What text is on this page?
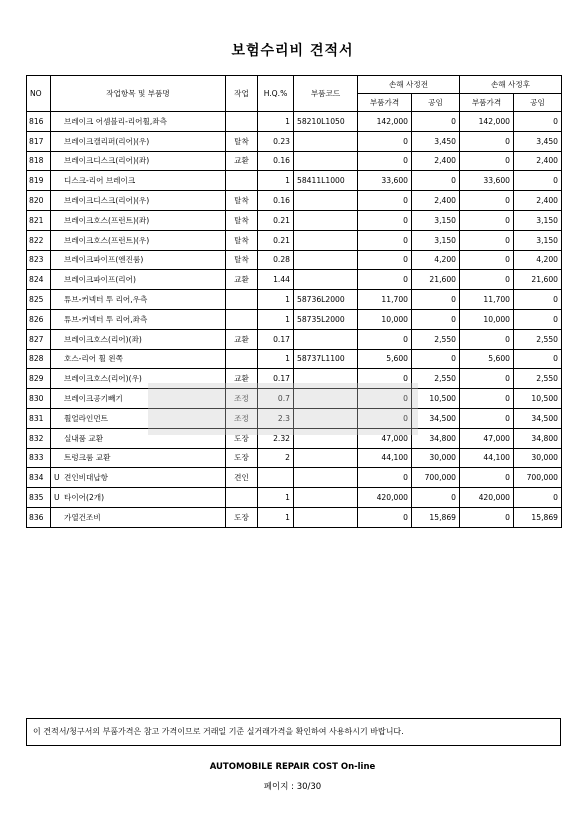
보험수리비 견적서
NO	작업항목 및 부품명	작업	H.Q.%	부품코드	손해 사정전		손해 사정후	
					부품가격	공임	부품가격	공임
816	브레이크 어셈블리-리어휠,좌측		1	58210L1050	142,000	0	142,000	0
817	브레이크캘리퍼(리어)(우)	탈착	0.23		0	3,450	0	3,450
818	브레이크디스크(리어)(좌)	교환	0.16		0	2,400	0	2,400
819	디스크-리어 브레이크		1	58411L1000	33,600	0	33,600	0
820	브레이크디스크(리어)(우)	탈착	0.16		0	2,400	0	2,400
821	브레이크호스(프런트)(좌)	탈착	0.21		0	3,150	0	3,150
822	브레이크호스(프런트)(우)	탈착	0.21		0	3,150	0	3,150
823	브레이크파이프(엔진룸)	탈착	0.28		0	4,200	0	4,200
824	브레이크파이프(리어)	교환	1.44		0	21,600	0	21,600
825	튜브-커넥터 투 리어,우측		1	58736L2000	11,700	0	11,700	0
826	튜브-커넥터 투 리어,좌측		1	58735L2000	10,000	0	10,000	0
827	브레이크호스(리어)(좌)	교환	0.17		0	2,550	0	2,550
828	호스-리어 휠 왼쪽		1	58737L1100	5,600	0	5,600	0
829	브레이크호스(리어)(우)	교환	0.17		0	2,550	0	2,550
830	브레이크공기빼기	조정	0.7		0	10,500	0	10,500
831	휠얼라인먼트	조정	2.3		0	34,500	0	34,500
832	실내품 교환	도장	2.32		47,000	34,800	47,000	34,800
833	트렁크룸 교환	도장	2		44,100	30,000	44,100	30,000
834	U 견인비대납항	견인			0	700,000	0	700,000
835	U 타이어(2개)		1		420,000	0	420,000	0
836	가열건조비	도장	1		0	15,869	0	15,869
이 견적서/청구서의 부품가격은 참고 가격이므로 거래일 기준 실거래가격을 확인하여 사용하시기 바랍니다.
AUTOMOBILE REPAIR COST On-line
페이지 : 30/30
